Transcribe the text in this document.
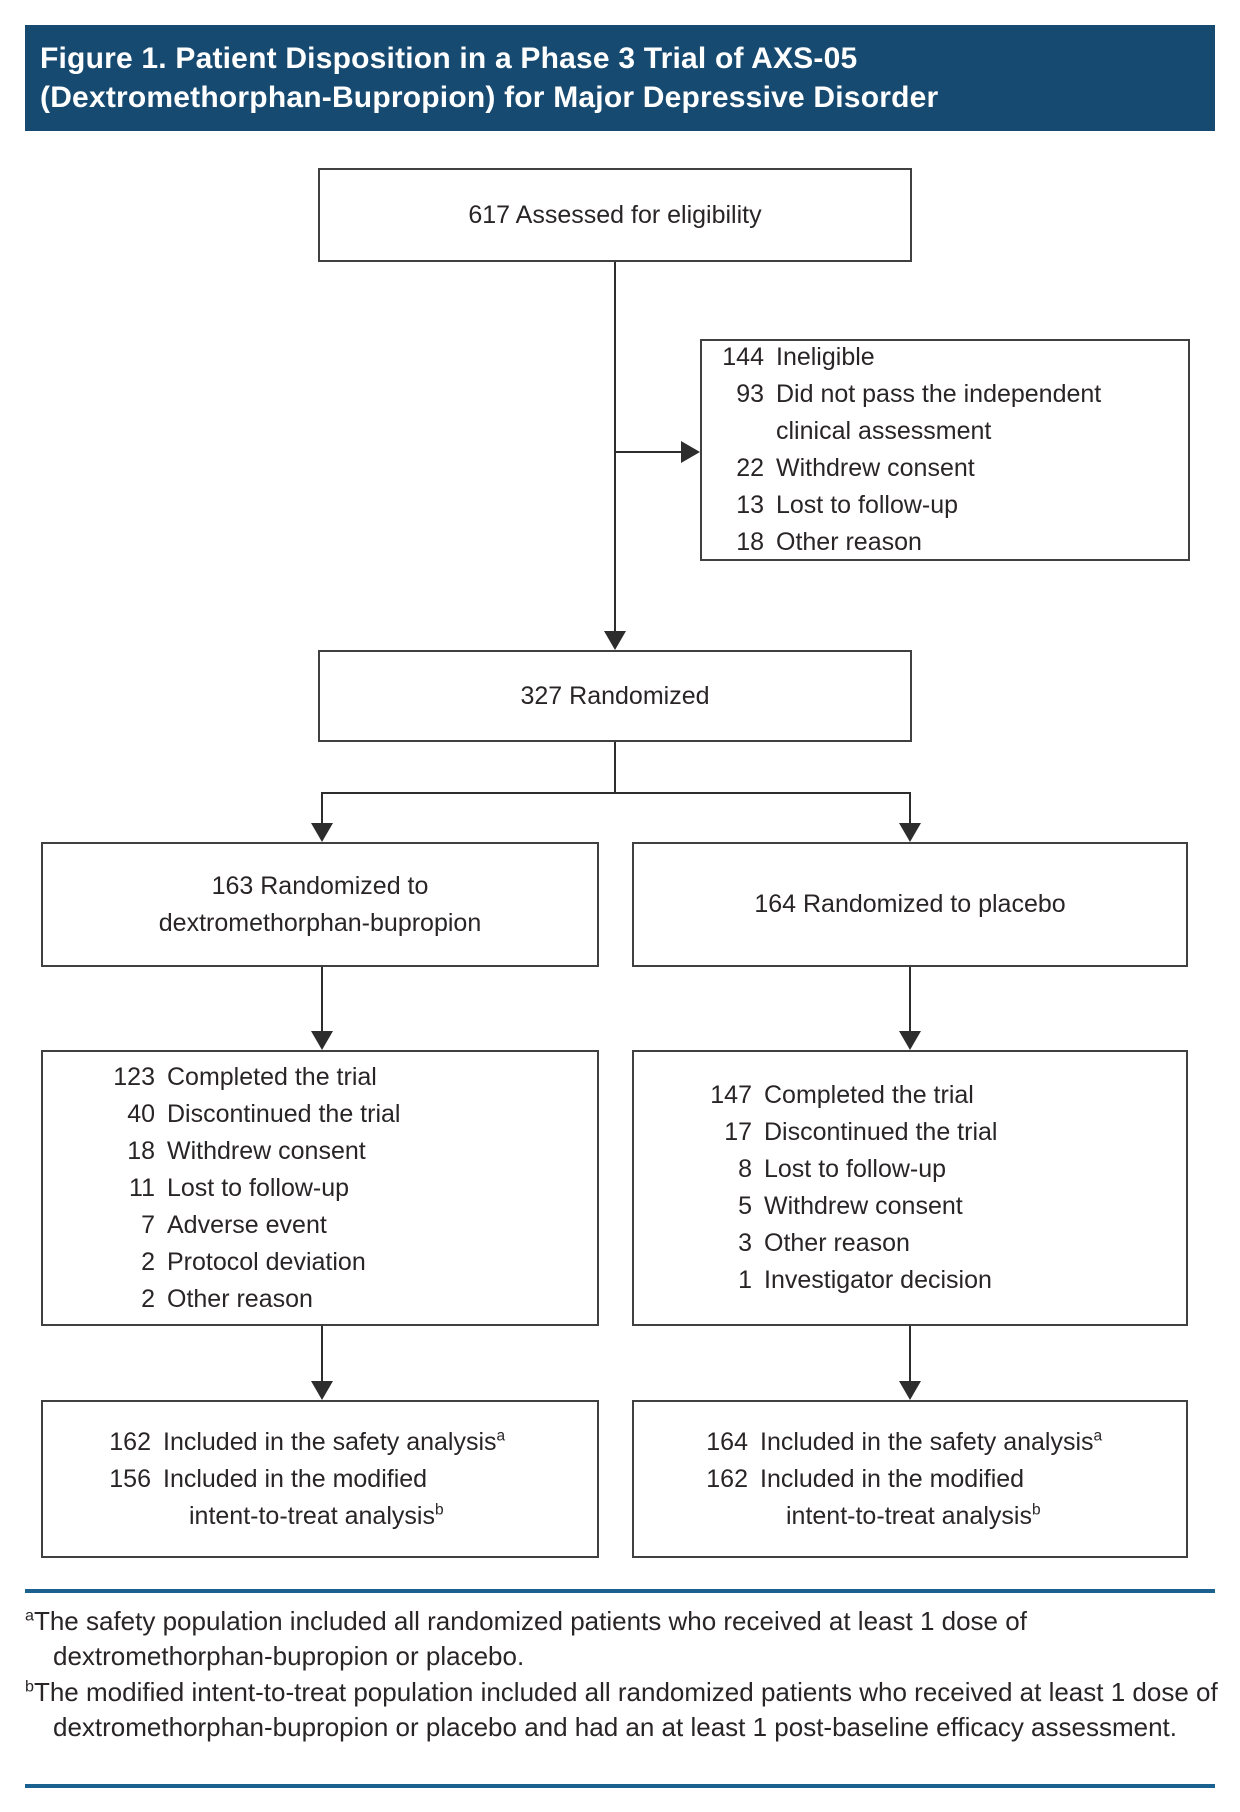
Figure 1. Patient Disposition in a Phase 3 Trial of AXS-05
(Dextromethorphan-Bupropion) for Major Depressive Disorder
617 Assessed for eligibility
144 Ineligible
93 Did not pass the independent clinical assessment
22 Withdrew consent
13 Lost to follow-up
18 Other reason
327 Randomized
163 Randomized to
dextromethorphan-bupropion
164 Randomized to placebo
123 Completed the trial
40 Discontinued the trial
18 Withdrew consent
11 Lost to follow-up
7 Adverse event
2 Protocol deviation
2 Other reason
147 Completed the trial
17 Discontinued the trial
8 Lost to follow-up
5 Withdrew consent
3 Other reason
1 Investigator decision
162 Included in the safety analysis$^a$
156 Included in the modified
intent-to-treat analysis$^b$
164 Included in the safety analysis$^a$
162 Included in the modified
intent-to-treat analysis$^b$
$^a$The safety population included all randomized patients who received at least 1 dose of dextromethorphan-bupropion or placebo.
$^b$The modified intent-to-treat population included all randomized patients who received at least 1 dose of dextromethorphan-bupropion or placebo and had an at least 1 post-baseline efficacy assessment.
